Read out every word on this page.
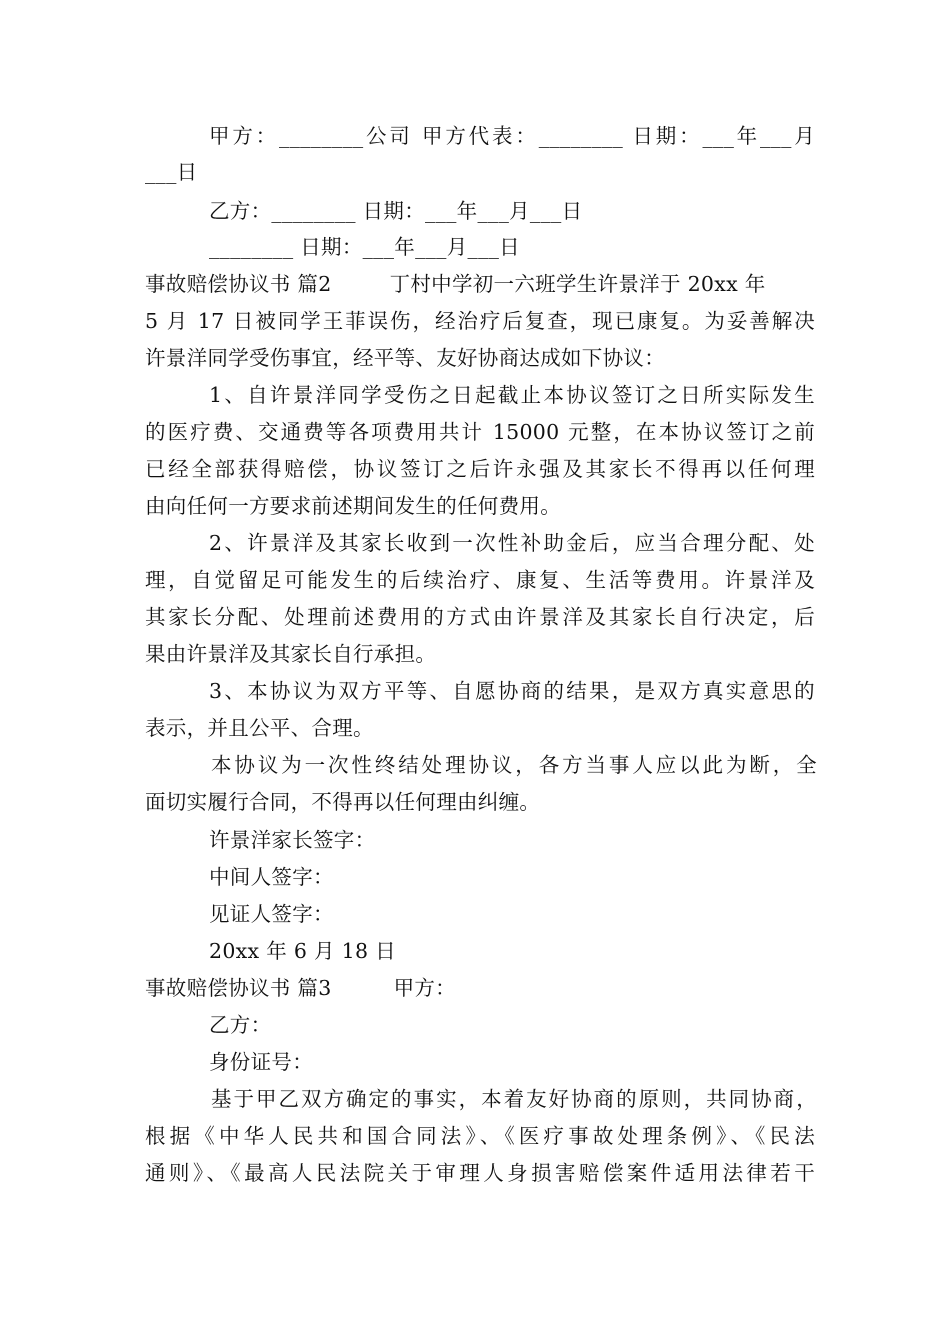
甲方：________公司 甲方代表：________ 日期：___年___月
___日
乙方：________ 日期：___年___月___日
________ 日期：___年___月___日
事故赔偿协议书 篇2	丁村中学初一六班学生许景洋于 20xx 年
5 月 17 日被同学王菲误伤，经治疗后复查，现已康复。为妥善解决
许景洋同学受伤事宜，经平等、友好协商达成如下协议：
1、自许景洋同学受伤之日起截止本协议签订之日所实际发生
的医疗费、交通费等各项费用共计 15000 元整，在本协议签订之前
已经全部获得赔偿，协议签订之后许永强及其家长不得再以任何理
由向任何一方要求前述期间发生的任何费用。
2、许景洋及其家长收到一次性补助金后，应当合理分配、处
理，自觉留足可能发生的后续治疗、康复、生活等费用。许景洋及
其家长分配、处理前述费用的方式由许景洋及其家长自行决定，后
果由许景洋及其家长自行承担。
3、本协议为双方平等、自愿协商的结果，是双方真实意思的
表示，并且公平、合理。
本协议为一次性终结处理协议，各方当事人应以此为断，全
面切实履行合同，不得再以任何理由纠缠。
许景洋家长签字：
中间人签字：
见证人签字：
20xx 年 6 月 18 日
事故赔偿协议书 篇3	甲方：
乙方：
身份证号：
基于甲乙双方确定的事实，本着友好协商的原则，共同协商，
根据《中华人民共和国合同法》、《医疗事故处理条例》、《民法
通则》、《最高人民法院关于审理人身损害赔偿案件适用法律若干
